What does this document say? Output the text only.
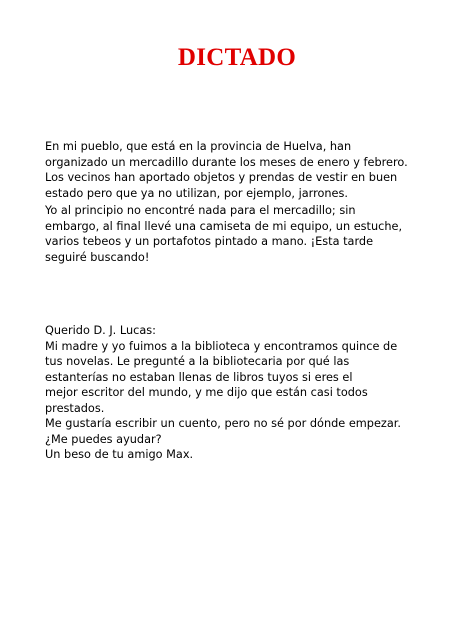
DICTADO
En mi pueblo, que está en la provincia de Huelva, han
organizado un mercadillo durante los meses de enero y febrero.
Los vecinos han aportado objetos y prendas de vestir en buen
estado pero que ya no utilizan, por ejemplo, jarrones.
Yo al principio no encontré nada para el mercadillo; sin
embargo, al final llevé una camiseta de mi equipo, un estuche,
varios tebeos y un portafotos pintado a mano. ¡Esta tarde
seguiré buscando!
Querido D. J. Lucas:
Mi madre y yo fuimos a la biblioteca y encontramos quince de
tus novelas. Le pregunté a la bibliotecaria por qué las
estanterías no estaban llenas de libros tuyos si eres el
mejor escritor del mundo, y me dijo que están casi todos
prestados.
Me gustaría escribir un cuento, pero no sé por dónde empezar.
¿Me puedes ayudar?
Un beso de tu amigo Max.
